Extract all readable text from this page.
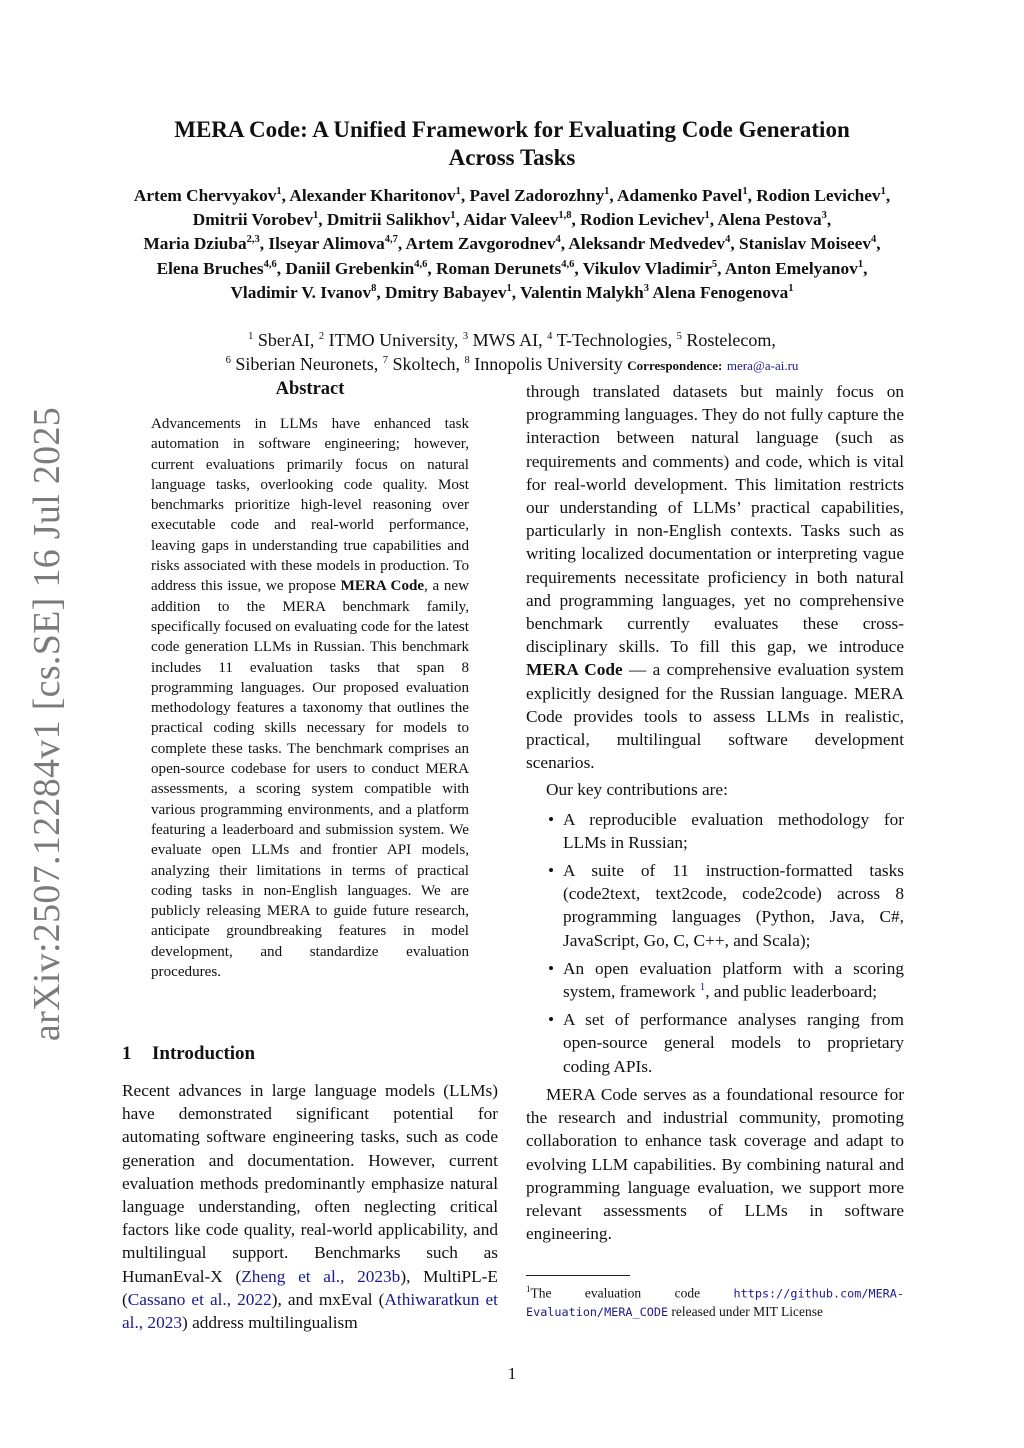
arXiv:2507.12284v1 [cs.SE] 16 Jul 2025
MERA Code: A Unified Framework for Evaluating Code Generation
Across Tasks
Artem Chervyakov$^1$, Alexander Kharitonov$^1$, Pavel Zadorozhny$^1$, Adamenko Pavel$^1$, Rodion Levichev$^1$,
Dmitrii Vorobev$^1$, Dmitrii Salikhov$^1$, Aidar Valeev$^{1,8}$, Rodion Levichev$^1$, Alena Pestova$^3$,
Maria Dziuba$^{2,3}$, Ilseyar Alimova$^{4,7}$, Artem Zavgorodnev$^4$, Aleksandr Medvedev$^4$, Stanislav Moiseev$^4$,
Elena Bruches$^{4,6}$, Daniil Grebenkin$^{4,6}$, Roman Derunets$^{4,6}$, Vikulov Vladimir$^5$, Anton Emelyanov$^1$,
Vladimir V. Ivanov$^8$, Dmitry Babayev$^1$, Valentin Malykh$^3$ Alena Fenogenova$^1$
$^1$ SberAI, $^2$ ITMO University, $^3$ MWS AI, $^4$ T-Technologies, $^5$ Rostelecom,
$^6$ Siberian Neuronets, $^7$ Skoltech, $^8$ Innopolis University Correspondence: mera@a-ai.ru
Abstract
Advancements in LLMs have enhanced task automation in software engineering; however, current evaluations primarily focus on natural language tasks, overlooking code quality. Most benchmarks prioritize high-level reasoning over executable code and real-world performance, leaving gaps in understanding true capabilities and risks associated with these models in production. To address this issue, we propose MERA Code, a new addition to the MERA benchmark family, specifically focused on evaluating code for the latest code generation LLMs in Russian. This benchmark includes 11 evaluation tasks that span 8 programming languages. Our proposed evaluation methodology features a taxonomy that outlines the practical coding skills necessary for models to complete these tasks. The benchmark comprises an open-source codebase for users to conduct MERA assessments, a scoring system compatible with various programming environments, and a platform featuring a leaderboard and submission system. We evaluate open LLMs and frontier API models, analyzing their limitations in terms of practical coding tasks in non-English languages. We are publicly releasing MERA to guide future research, anticipate groundbreaking features in model development, and standardize evaluation procedures.
1 Introduction
Recent advances in large language models (LLMs) have demonstrated significant potential for automating software engineering tasks, such as code generation and documentation. However, current evaluation methods predominantly emphasize natural language understanding, often neglecting critical factors like code quality, real-world applicability, and multilingual support. Benchmarks such as HumanEval-X (Zheng et al., 2023b), MultiPL-E (Cassano et al., 2022), and mxEval (Athiwaratkun et al., 2023) address multilingualism

through translated datasets but mainly focus on programming languages. They do not fully capture the interaction between natural language (such as requirements and comments) and code, which is vital for real-world development. This limitation restricts our understanding of LLMs’ practical capabilities, particularly in non-English contexts. Tasks such as writing localized documentation or interpreting vague requirements necessitate proficiency in both natural and programming languages, yet no comprehensive benchmark currently evaluates these cross-disciplinary skills. To fill this gap, we introduce MERA Code — a comprehensive evaluation system explicitly designed for the Russian language. MERA Code provides tools to assess LLMs in realistic, practical, multilingual software development scenarios.

Our key contributions are:

• A reproducible evaluation methodology for LLMs in Russian;
• A suite of 11 instruction-formatted tasks (code2text, text2code, code2code) across 8 programming languages (Python, Java, C#, JavaScript, Go, C, C++, and Scala);
• An open evaluation platform with a scoring system, framework $^1$, and public leaderboard;
• A set of performance analyses ranging from open-source general models to proprietary coding APIs.

MERA Code serves as a foundational resource for the research and industrial community, promoting collaboration to enhance task coverage and adapt to evolving LLM capabilities. By combining natural and programming language evaluation, we support more relevant assessments of LLMs in software engineering.

$^1$The evaluation code https://github.com/MERA-Evaluation/MERA_CODE released under MIT License
1
